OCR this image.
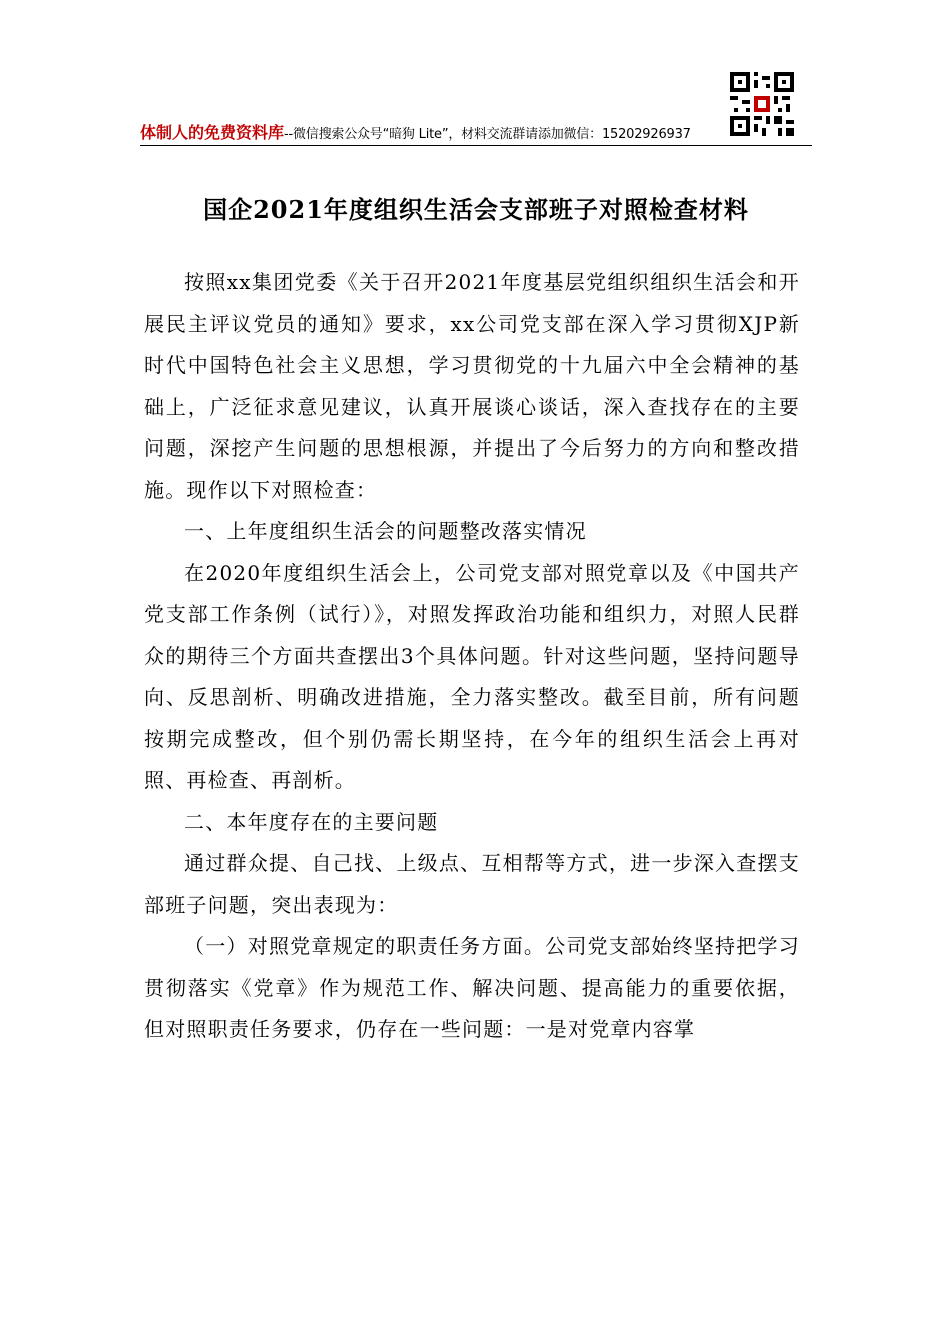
体制人的免费资料库--微信搜索公众号“暗狗 Lite”，材料交流群请添加微信：15202926937
国企2021年度组织生活会支部班子对照检查材料

按照xx集团党委《关于召开2021年度基层党组织组织生活会和开展民主评议党员的通知》要求，xx公司党支部在深入学习贯彻XJP新时代中国特色社会主义思想，学习贯彻党的十九届六中全会精神的基础上，广泛征求意见建议，认真开展谈心谈话，深入查找存在的主要问题，深挖产生问题的思想根源，并提出了今后努力的方向和整改措施。现作以下对照检查：

一、上年度组织生活会的问题整改落实情况

在2020年度组织生活会上，公司党支部对照党章以及《中国共产党支部工作条例（试行）》，对照发挥政治功能和组织力，对照人民群众的期待三个方面共查摆出3个具体问题。针对这些问题，坚持问题导向、反思剖析、明确改进措施，全力落实整改。截至目前，所有问题按期完成整改，但个别仍需长期坚持，在今年的组织生活会上再对照、再检查、再剖析。

二、本年度存在的主要问题

通过群众提、自己找、上级点、互相帮等方式，进一步深入查摆支部班子问题，突出表现为：

（一）对照党章规定的职责任务方面。公司党支部始终坚持把学习贯彻落实《党章》作为规范工作、解决问题、提高能力的重要依据，但对照职责任务要求，仍存在一些问题：一是对党章内容掌
